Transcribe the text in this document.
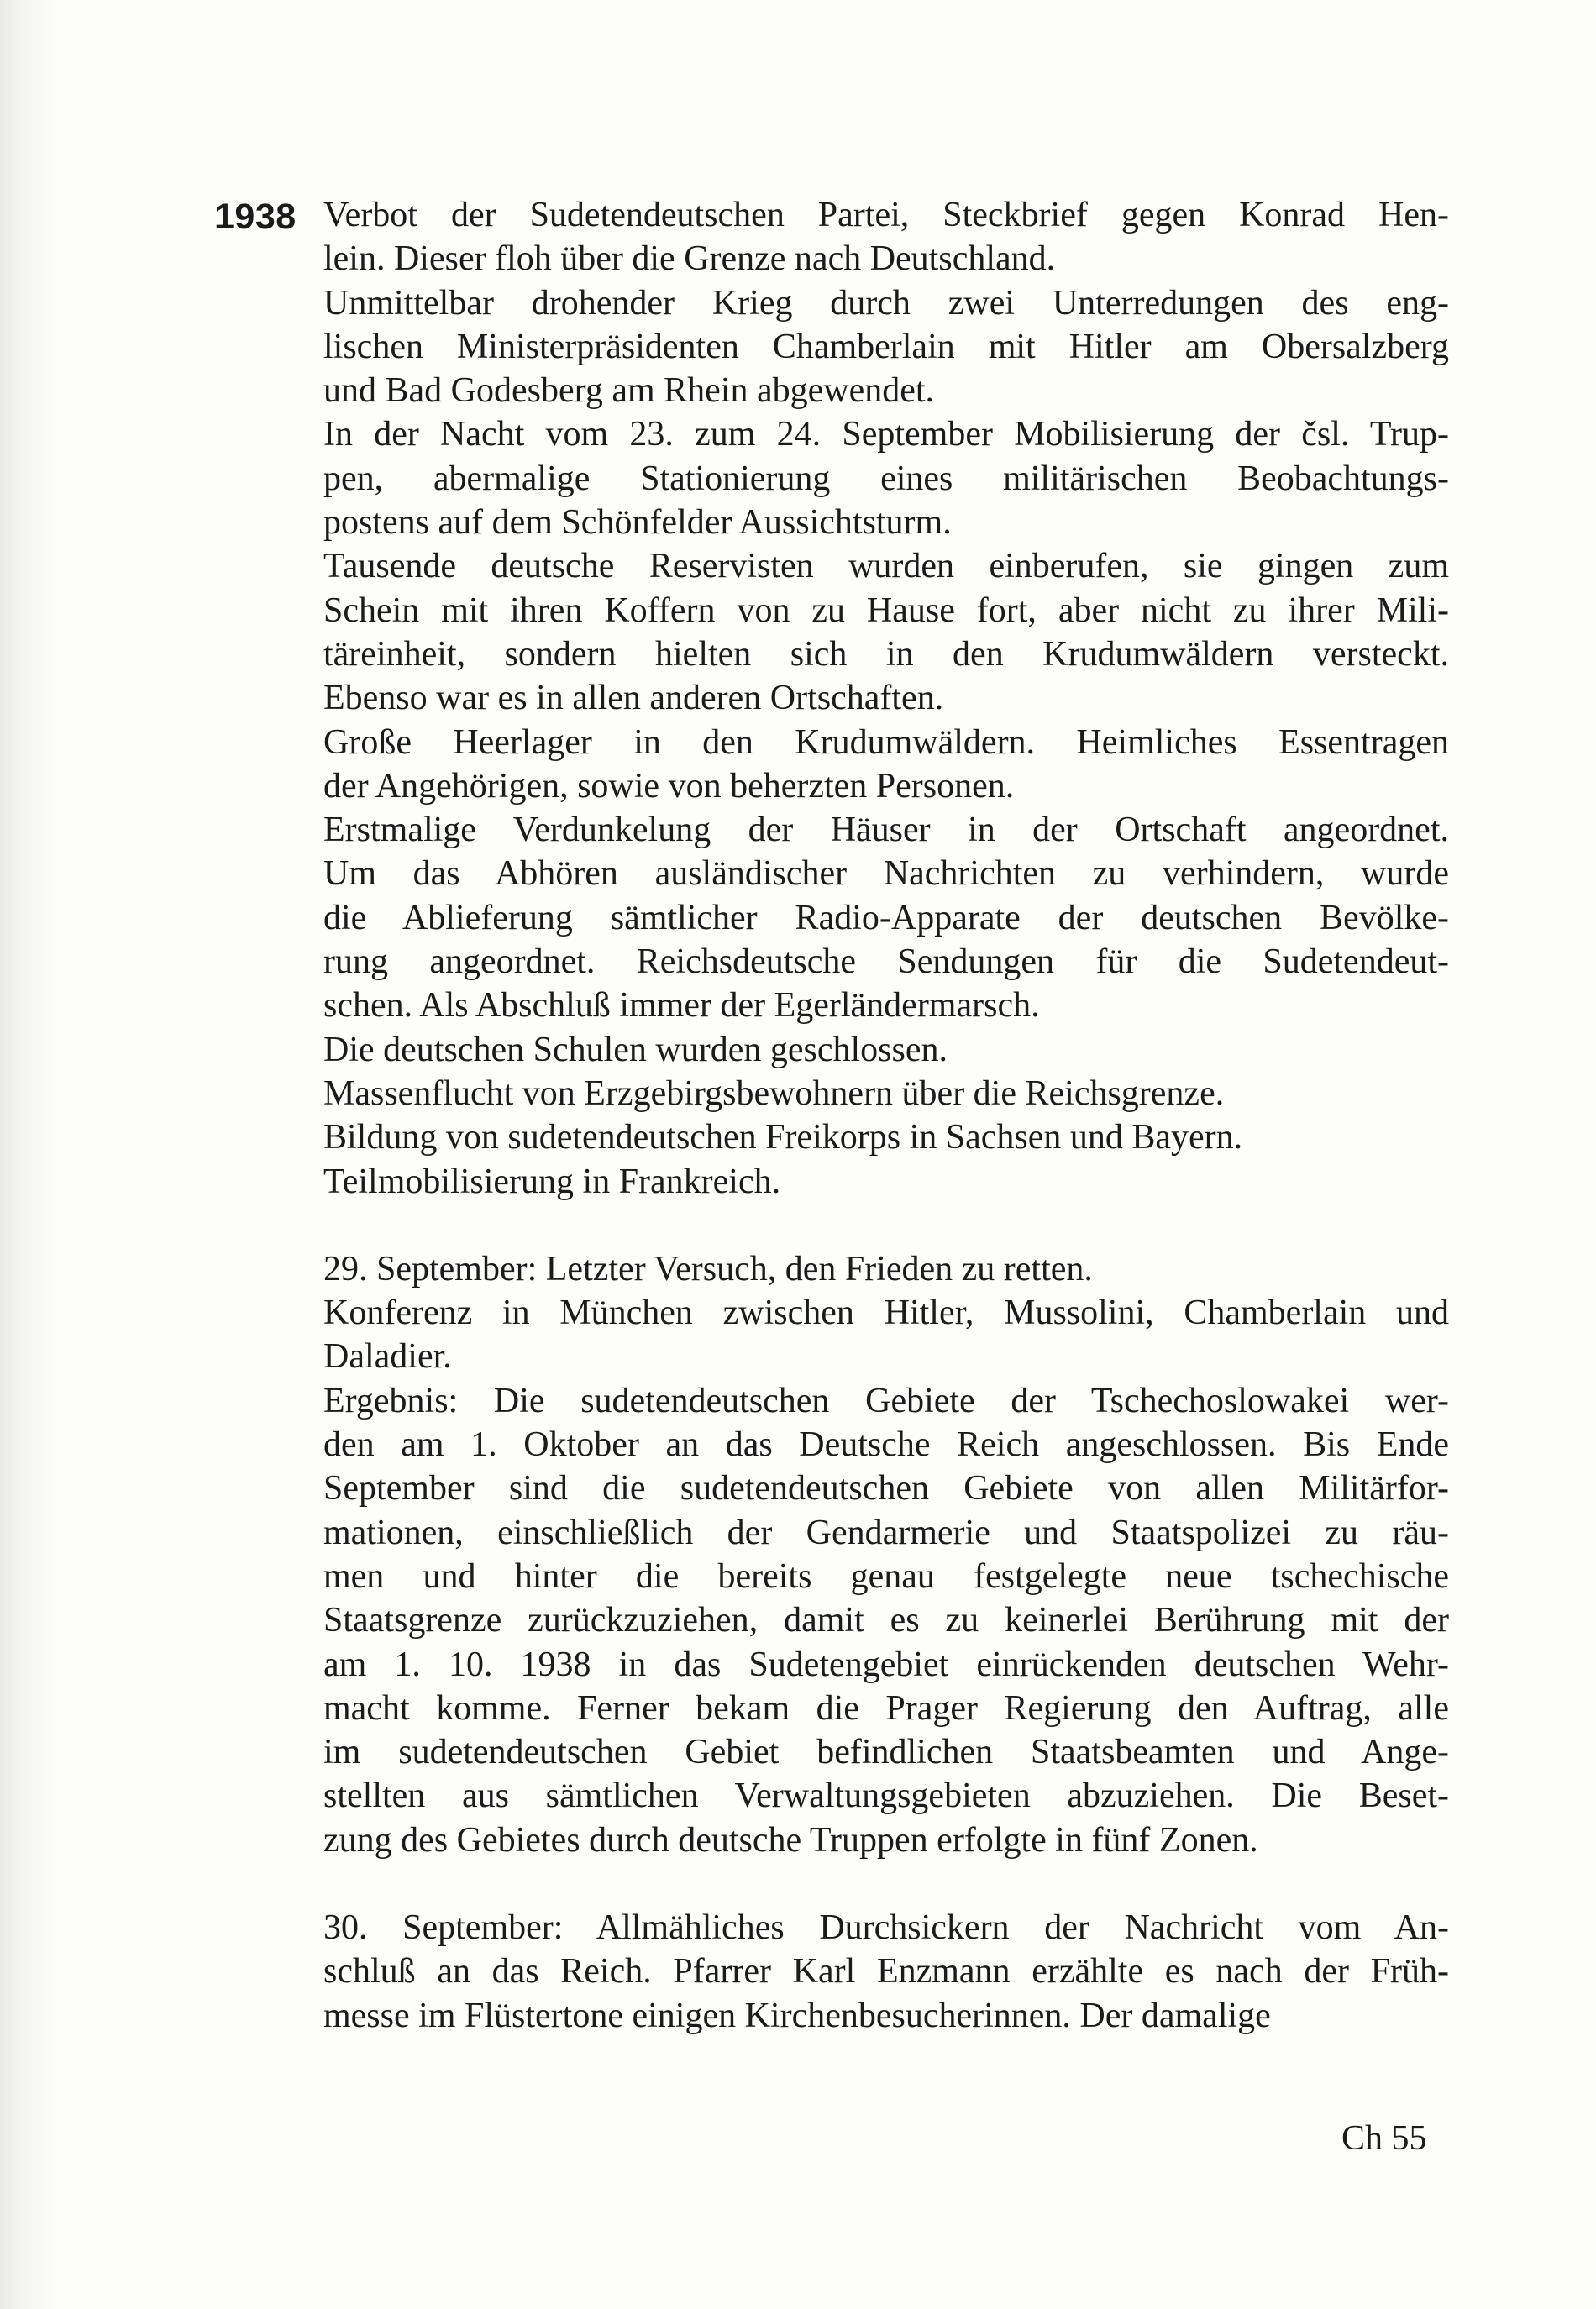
1938 Verbot der Sudetendeutschen Partei, Steckbrief gegen Konrad Hen-
lein. Dieser floh über die Grenze nach Deutschland.
Unmittelbar drohender Krieg durch zwei Unterredungen des eng-
lischen Ministerpräsidenten Chamberlain mit Hitler am Obersalzberg
und Bad Godesberg am Rhein abgewendet.
In der Nacht vom 23. zum 24. September Mobilisierung der čsl. Trup-
pen, abermalige Stationierung eines militärischen Beobachtungs-
postens auf dem Schönfelder Aussichtsturm.
Tausende deutsche Reservisten wurden einberufen, sie gingen zum
Schein mit ihren Koffern von zu Hause fort, aber nicht zu ihrer Mili-
täreinheit, sondern hielten sich in den Krudumwäldern versteckt.
Ebenso war es in allen anderen Ortschaften.
Große Heerlager in den Krudumwäldern. Heimliches Essentragen
der Angehörigen, sowie von beherzten Personen.
Erstmalige Verdunkelung der Häuser in der Ortschaft angeordnet.
Um das Abhören ausländischer Nachrichten zu verhindern, wurde
die Ablieferung sämtlicher Radio-Apparate der deutschen Bevölke-
rung angeordnet. Reichsdeutsche Sendungen für die Sudetendeut-
schen. Als Abschluß immer der Egerländermarsch.
Die deutschen Schulen wurden geschlossen.
Massenflucht von Erzgebirgsbewohnern über die Reichsgrenze.
Bildung von sudetendeutschen Freikorps in Sachsen und Bayern.
Teilmobilisierung in Frankreich.
29. September: Letzter Versuch, den Frieden zu retten.
Konferenz in München zwischen Hitler, Mussolini, Chamberlain und
Daladier.
Ergebnis: Die sudetendeutschen Gebiete der Tschechoslowakei wer-
den am 1. Oktober an das Deutsche Reich angeschlossen. Bis Ende
September sind die sudetendeutschen Gebiete von allen Militärfor-
mationen, einschließlich der Gendarmerie und Staatspolizei zu räu-
men und hinter die bereits genau festgelegte neue tschechische
Staatsgrenze zurückzuziehen, damit es zu keinerlei Berührung mit der
am 1. 10. 1938 in das Sudetengebiet einrückenden deutschen Wehr-
macht komme. Ferner bekam die Prager Regierung den Auftrag, alle
im sudetendeutschen Gebiet befindlichen Staatsbeamten und Ange-
stellten aus sämtlichen Verwaltungsgebieten abzuziehen. Die Beset-
zung des Gebietes durch deutsche Truppen erfolgte in fünf Zonen.
30. September: Allmähliches Durchsickern der Nachricht vom An-
schluß an das Reich. Pfarrer Karl Enzmann erzählte es nach der Früh-
messe im Flüstertone einigen Kirchenbesucherinnen. Der damalige
Ch 55
